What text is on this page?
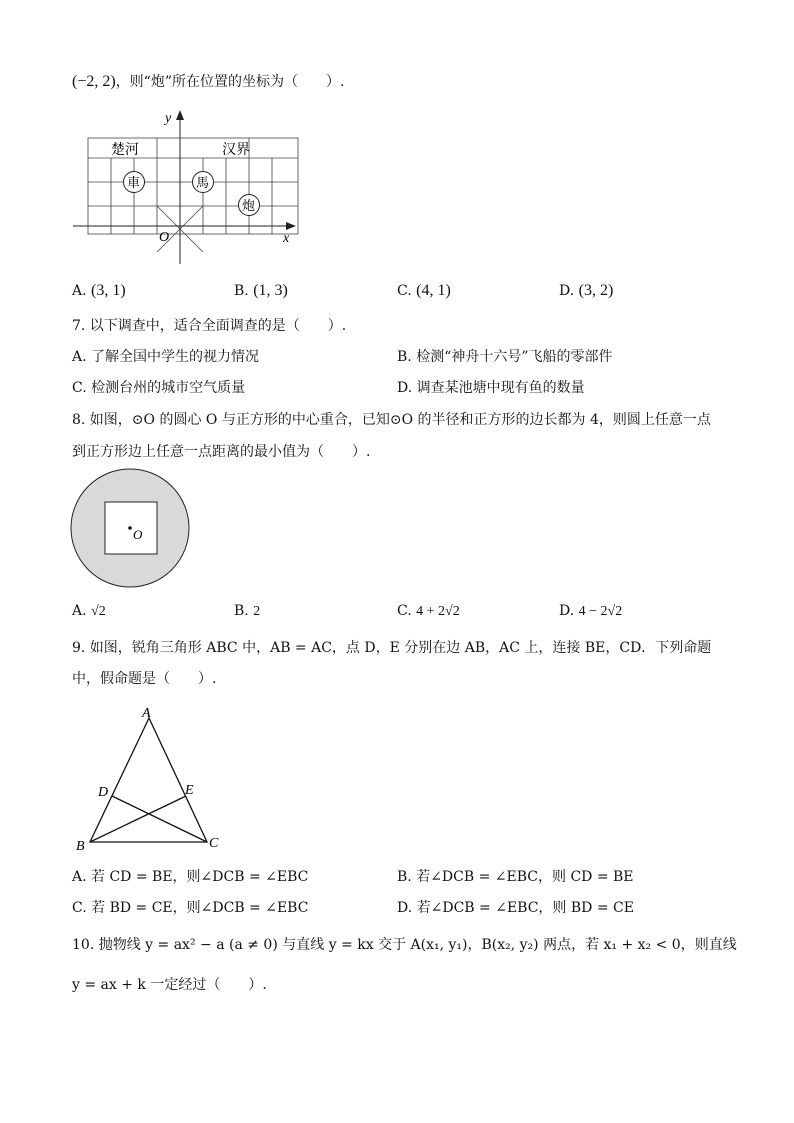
(−2, 2)，则“炮”所在位置的坐标为（　　）.
y
x
O
楚河	汉界
車	馬
炮
A. (3, 1)	B. (1, 3)	C. (4, 1)	D. (3, 2)
7. 以下调查中，适合全面调查的是（　　）.
A. 了解全国中学生的视力情况	B. 检测“神舟十六号”飞船的零部件
C. 检测台州的城市空气质量	D. 调查某池塘中现有鱼的数量
8. 如图，⊙O 的圆心 O 与正方形的中心重合，已知⊙O 的半径和正方形的边长都为 4，则圆上任意一点
到正方形边上任意一点距离的最小值为（　　）.
O
A. √2	B. 2	C. 4 + 2√2	D. 4 − 2√2
9. 如图，锐角三角形 ABC 中，AB = AC，点 D，E 分别在边 AB，AC 上，连接 BE，CD．下列命题
中，假命题是（　　）.
A
B	C
D	E
A. 若 CD = BE，则∠DCB = ∠EBC	B. 若∠DCB = ∠EBC，则 CD = BE
C. 若 BD = CE，则∠DCB = ∠EBC	D. 若∠DCB = ∠EBC，则 BD = CE
10. 抛物线 y = ax² − a (a ≠ 0) 与直线 y = kx 交于 A(x₁, y₁)，B(x₂, y₂) 两点，若 x₁ + x₂ < 0，则直线
y = ax + k 一定经过（　　）.
